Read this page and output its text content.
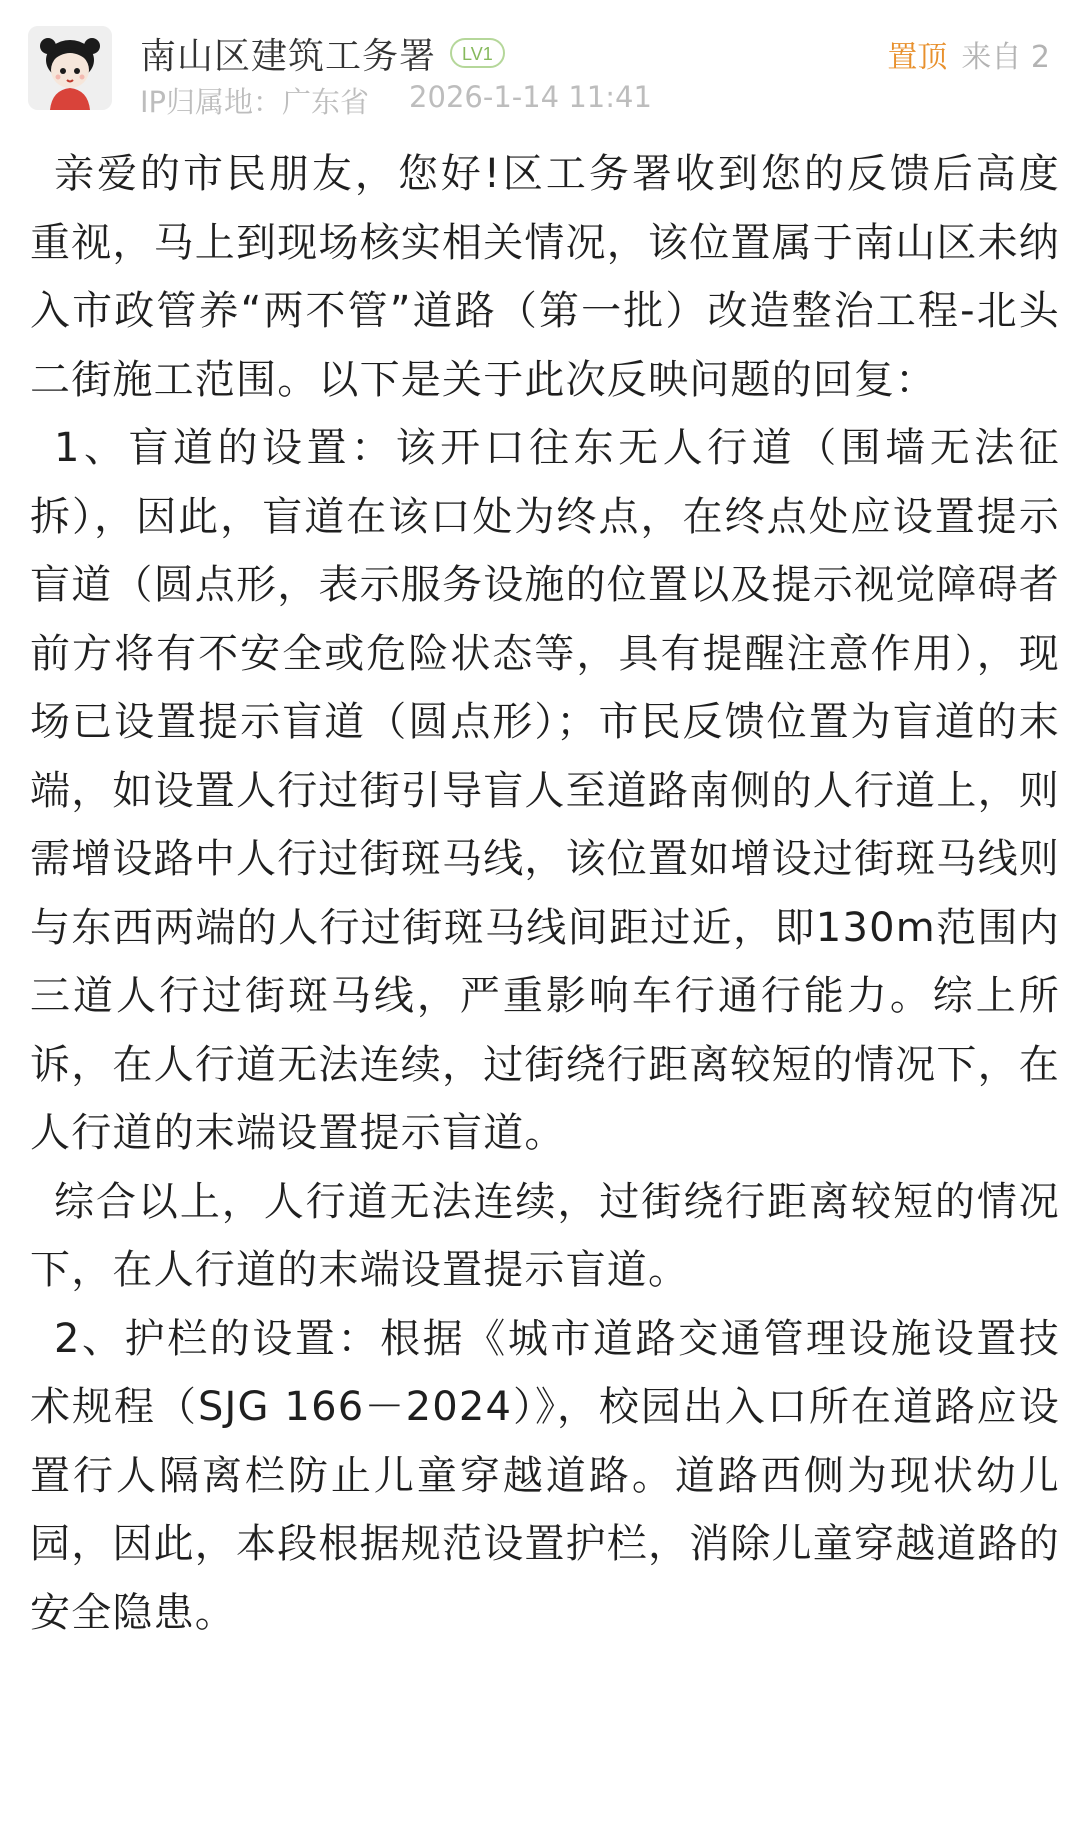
南山区建筑工务署	LV1	置顶 来自 2
IP归属地：广东省 2026-1-14 11:41

亲爱的市民朋友，您好!区工务署收到您的反馈后高度重视，马上到现场核实相关情况，该位置属于南山区未纳入市政管养“两不管”道路（第一批）改造整治工程-北头二街施工范围。以下是关于此次反映问题的回复：

1、盲道的设置：该开口往东无人行道（围墙无法征拆），因此，盲道在该口处为终点，在终点处应设置提示盲道（圆点形，表示服务设施的位置以及提示视觉障碍者前方将有不安全或危险状态等，具有提醒注意作用），现场已设置提示盲道（圆点形）；市民反馈位置为盲道的末端，如设置人行过街引导盲人至道路南侧的人行道上，则需增设路中人行过街斑马线，该位置如增设过街斑马线则与东西两端的人行过街斑马线间距过近，即130m范围内三道人行过街斑马线，严重影响车行通行能力。综上所诉，在人行道无法连续，过街绕行距离较短的情况下，在人行道的末端设置提示盲道。

综合以上，人行道无法连续，过街绕行距离较短的情况下，在人行道的末端设置提示盲道。

2、护栏的设置：根据《城市道路交通管理设施设置技术规程（SJG 166－2024）》，校园出入口所在道路应设置行人隔离栏防止儿童穿越道路。道路西侧为现状幼儿园，因此，本段根据规范设置护栏，消除儿童穿越道路的安全隐患。
